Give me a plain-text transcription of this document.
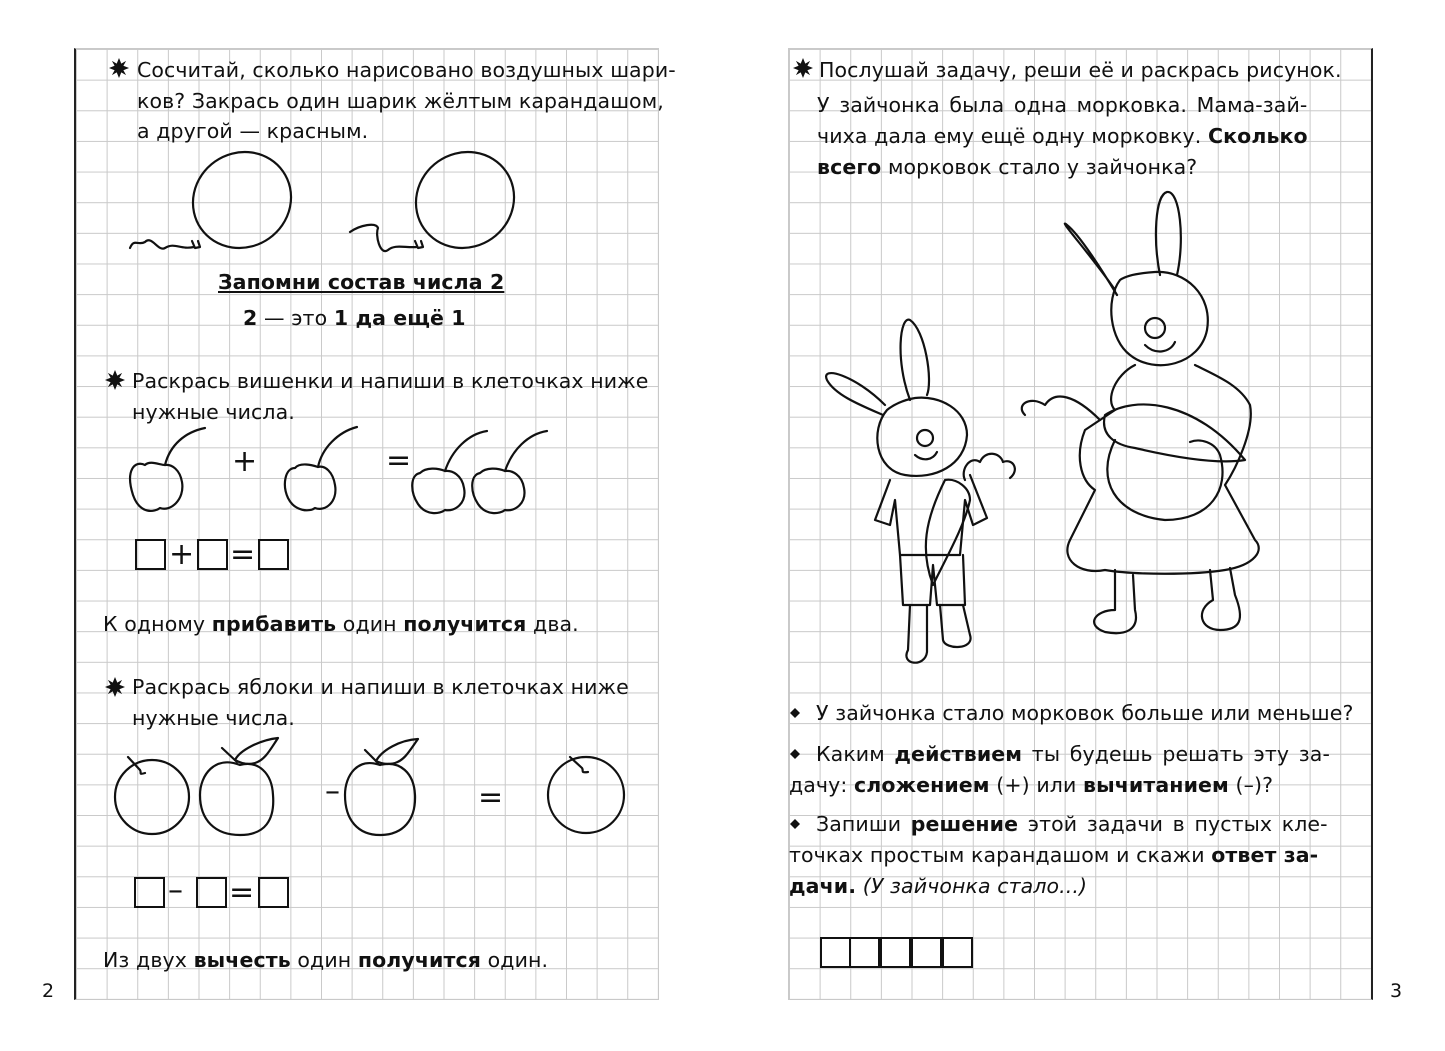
2
Сосчитай, сколько нарисовано воздушных шари-
ков? Закрась один шарик жёлтым карандашом,
а другой — красным.
Запомни состав числа 2
2 — это 1 да ещё 1
Раскрась вишенки и напиши в клеточках ниже
нужные числа.
+	=
+ =
К одному прибавить один получится два.
Раскрась яблоки и напиши в клеточках ниже
нужные числа.
–	=
– =
Из двух вычесть один получится один.
3
Послушай задачу, реши её и раскрась рисунок.
У зайчонка была одна морковка. Мама-зай-
чиха дала ему ещё одну морковку. Сколько
всего морковок стало у зайчонка?
У зайчонка стало морковок больше или меньше?
Каким действием ты будешь решать эту за-
дачу: сложением (+) или вычитанием (–)?
Запиши решение этой задачи в пустых кле-
точках простым карандашом и скажи ответ за-
дачи. (У зайчонка стало...)
